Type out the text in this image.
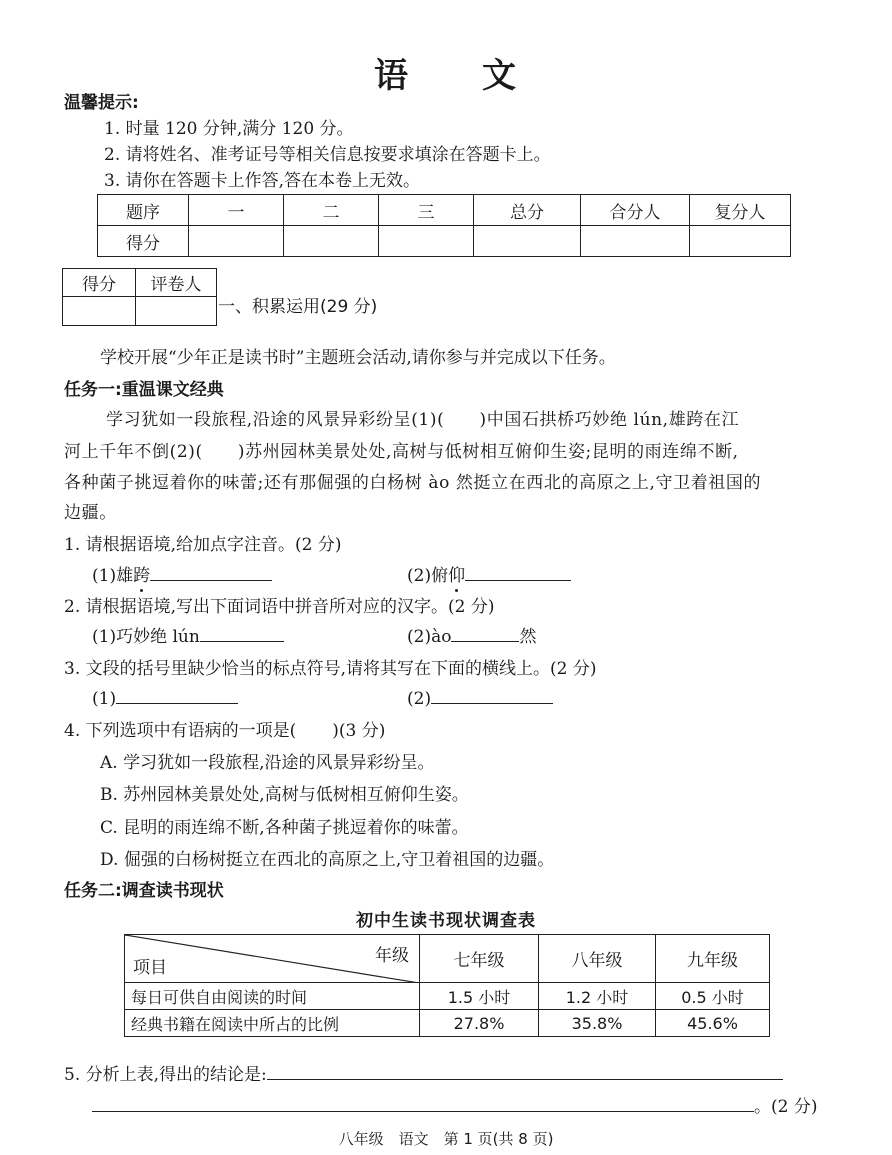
语　　文
温馨提示:
1. 时量 120 分钟,满分 120 分。
2. 请将姓名、准考证号等相关信息按要求填涂在答题卡上。
3. 请你在答题卡上作答,答在本卷上无效。
题序	一	二	三	总分	合分人	复分人
得分						
得分	评卷人

一、积累运用(29 分)
学校开展“少年正是读书时”主题班会活动,请你参与并完成以下任务。
任务一:重温课文经典
学习犹如一段旅程,沿途的风景异彩纷呈(1)(　　)中国石拱桥巧妙绝 lún,雄跨在江
河上千年不倒(2)(　　)苏州园林美景处处,高树与低树相互俯仰生姿;昆明的雨连绵不断,
各种菌子挑逗着你的味蕾;还有那倔强的白杨树 ào 然挺立在西北的高原之上,守卫着祖国的
边疆。
1. 请根据语境,给加点字注音。(2 分)
(1)雄跨	(2)俯仰
2. 请根据语境,写出下面词语中拼音所对应的汉字。(2 分)
(1)巧妙绝 lún	(2)ào	然
3. 文段的括号里缺少恰当的标点符号,请将其写在下面的横线上。(2 分)
(1)	(2)
4. 下列选项中有语病的一项是( )(3 分)
A. 学习犹如一段旅程,沿途的风景异彩纷呈。
B. 苏州园林美景处处,高树与低树相互俯仰生姿。
C. 昆明的雨连绵不断,各种菌子挑逗着你的味蕾。
D. 倔强的白杨树挺立在西北的高原之上,守卫着祖国的边疆。
任务二:调查读书现状
初中生读书现状调查表
年级
项目	七年级	八年级	九年级
每日可供自由阅读的时间	1.5 小时	1.2 小时	0.5 小时
经典书籍在阅读中所占的比例	27.8%	35.8%	45.6%
5. 分析上表,得出的结论是:
。(2 分)
八年级　语文　第 1 页(共 8 页)
